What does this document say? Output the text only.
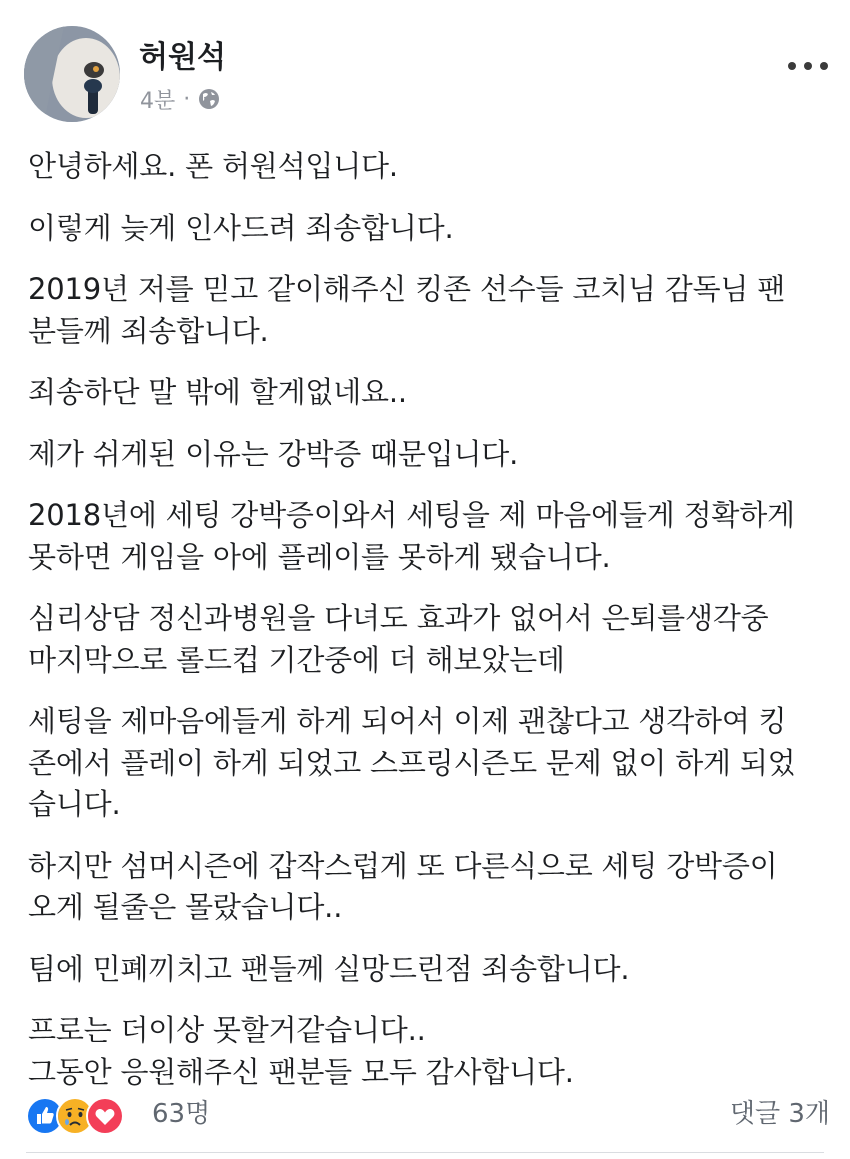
허원석
4분 ·
안녕하세요. 폰 허원석입니다.
이렇게 늦게 인사드려 죄송합니다.
2019년 저를 믿고 같이해주신 킹존 선수들 코치님 감독님 팬
분들께 죄송합니다.
죄송하단 말 밖에 할게없네요..
제가 쉬게된 이유는 강박증 때문입니다.
2018년에 세팅 강박증이와서 세팅을 제 마음에들게 정확하게
못하면 게임을 아에 플레이를 못하게 됐습니다.
심리상담 정신과병원을 다녀도 효과가 없어서 은퇴를생각중
마지막으로 롤드컵 기간중에 더 해보았는데
세팅을 제마음에들게 하게 되어서 이제 괜찮다고 생각하여 킹
존에서 플레이 하게 되었고 스프링시즌도 문제 없이 하게 되었
습니다.
하지만 섬머시즌에 갑작스럽게 또 다른식으로 세팅 강박증이
오게 될줄은 몰랐습니다..
팀에 민폐끼치고 팬들께 실망드린점 죄송합니다.
프로는 더이상 못할거같습니다..
그동안 응원해주신 팬분들 모두 감사합니다.
63명	댓글 3개
